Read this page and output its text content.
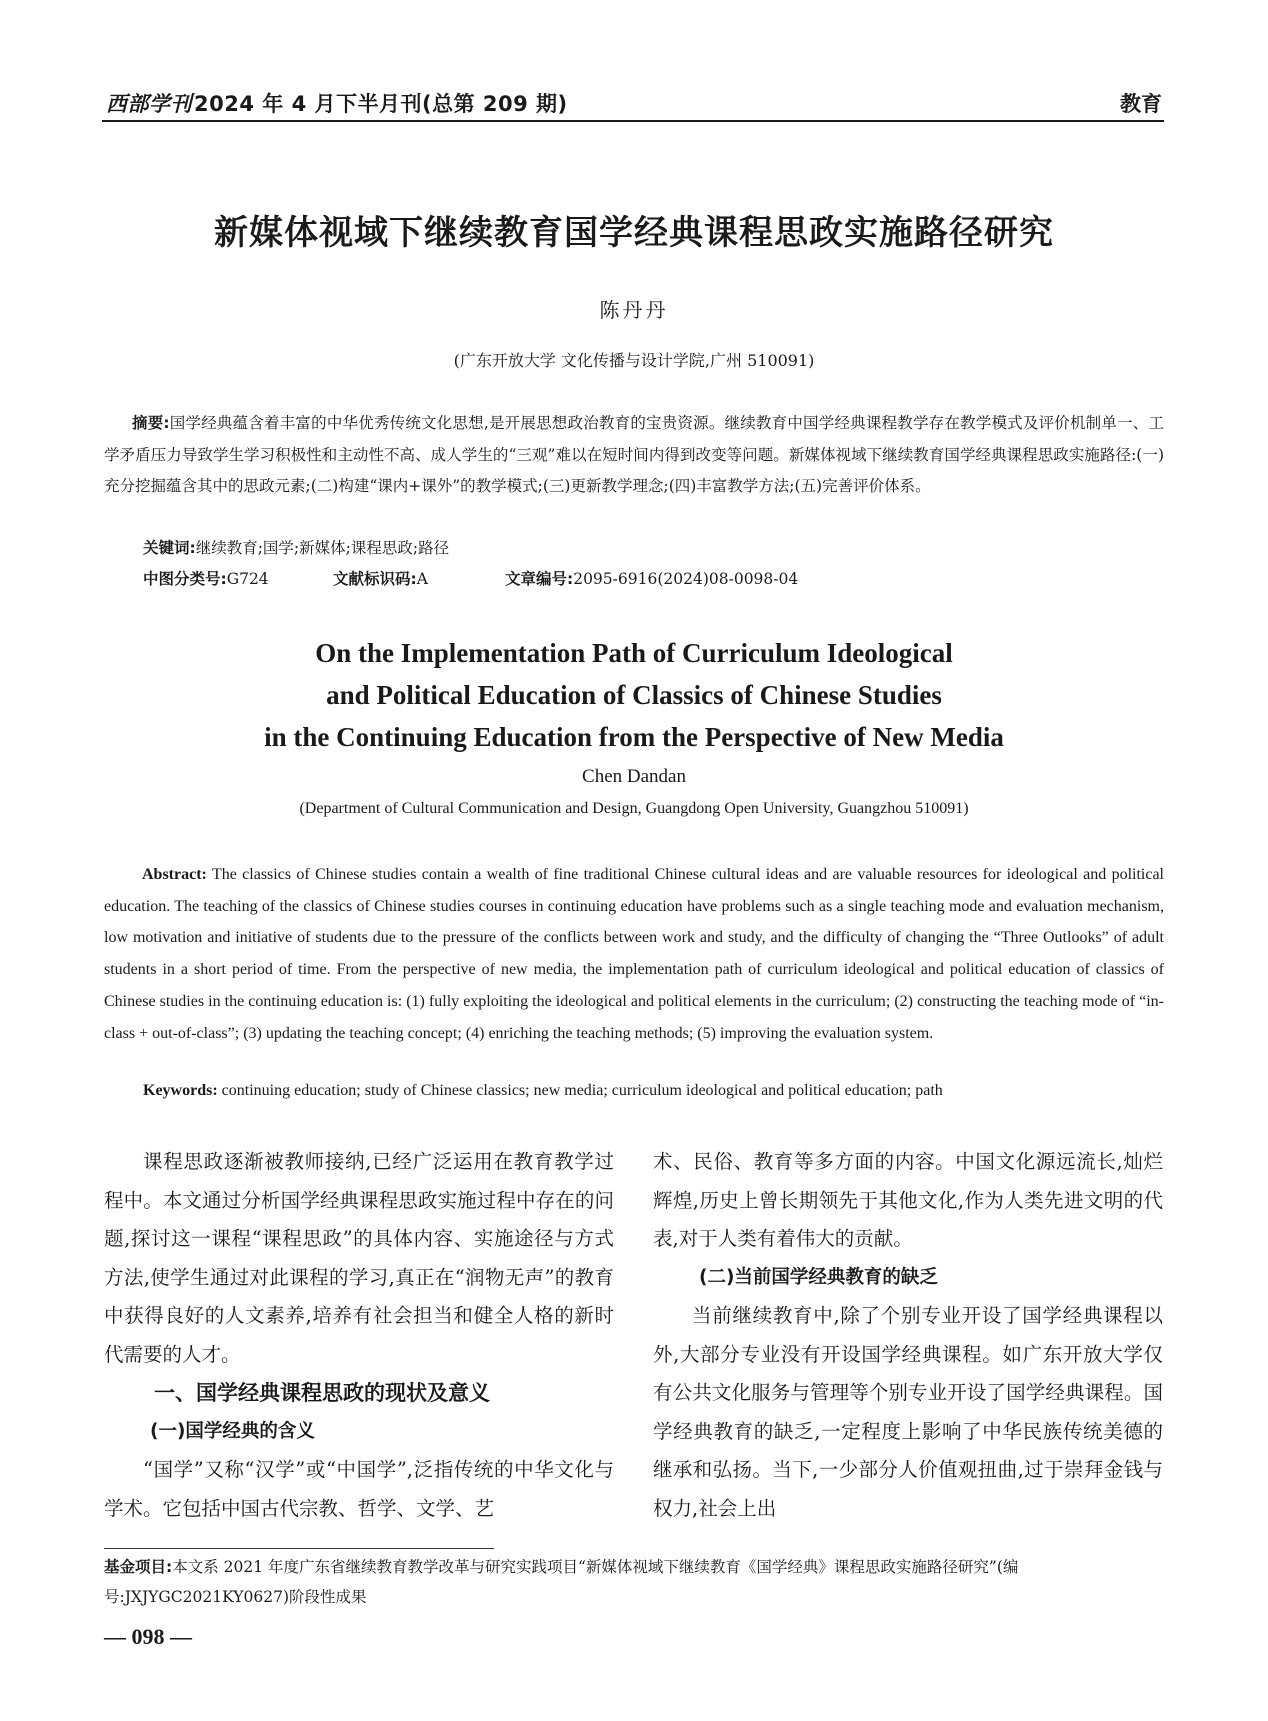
西部学刊2024 年 4 月下半月刊(总第 209 期)	教育
新媒体视域下继续教育国学经典课程思政实施路径研究
陈丹丹
(广东开放大学 文化传播与设计学院,广州 510091)
摘要:国学经典蕴含着丰富的中华优秀传统文化思想,是开展思想政治教育的宝贵资源。继续教育中国学经典课程教学存在教学模式及评价机制单一、工学矛盾压力导致学生学习积极性和主动性不高、成人学生的“三观”难以在短时间内得到改变等问题。新媒体视域下继续教育国学经典课程思政实施路径:(一)充分挖掘蕴含其中的思政元素;(二)构建“课内+课外”的教学模式;(三)更新教学理念;(四)丰富教学方法;(五)完善评价体系。
关键词:继续教育;国学;新媒体;课程思政;路径
中图分类号:G724	文献标识码:A	文章编号:2095-6916(2024)08-0098-04
On the Implementation Path of Curriculum Ideological
and Political Education of Classics of Chinese Studies
in the Continuing Education from the Perspective of New Media
Chen Dandan
(Department of Cultural Communication and Design, Guangdong Open University, Guangzhou 510091)
Abstract: The classics of Chinese studies contain a wealth of fine traditional Chinese cultural ideas and are valuable resources for ideological and political education. The teaching of the classics of Chinese studies courses in continuing education have problems such as a single teaching mode and evaluation mechanism, low motivation and initiative of students due to the pressure of the conflicts between work and study, and the difficulty of changing the “Three Outlooks” of adult students in a short period of time. From the perspective of new media, the implementation path of curriculum ideological and political education of classics of Chinese studies in the continuing education is: (1) fully exploiting the ideological and political elements in the curriculum; (2) constructing the teaching mode of “in-class + out-of-class”; (3) updating the teaching concept; (4) enriching the teaching methods; (5) improving the evaluation system.
Keywords: continuing education; study of Chinese classics; new media; curriculum ideological and political education; path

课程思政逐渐被教师接纳,已经广泛运用在教育教学过程中。本文通过分析国学经典课程思政实施过程中存在的问题,探讨这一课程“课程思政”的具体内容、实施途径与方式方法,使学生通过对此课程的学习,真正在“润物无声”的教育中获得良好的人文素养,培养有社会担当和健全人格的新时代需要的人才。

一、国学经典课程思政的现状及意义
(一)国学经典的含义

“国学”又称“汉学”或“中国学”,泛指传统的中华文化与学术。它包括中国古代宗教、哲学、文学、艺

术、民俗、教育等多方面的内容。中国文化源远流长,灿烂辉煌,历史上曾长期领先于其他文化,作为人类先进文明的代表,对于人类有着伟大的贡献。

(二)当前国学经典教育的缺乏

当前继续教育中,除了个别专业开设了国学经典课程以外,大部分专业没有开设国学经典课程。如广东开放大学仅有公共文化服务与管理等个别专业开设了国学经典课程。国学经典教育的缺乏,一定程度上影响了中华民族传统美德的继承和弘扬。当下,一少部分人价值观扭曲,过于崇拜金钱与权力,社会上出

基金项目:本文系 2021 年度广东省继续教育教学改革与研究实践项目“新媒体视域下继续教育《国学经典》课程思政实施路径研究”(编号:JXJYGC2021KY0627)阶段性成果
— 098 —
